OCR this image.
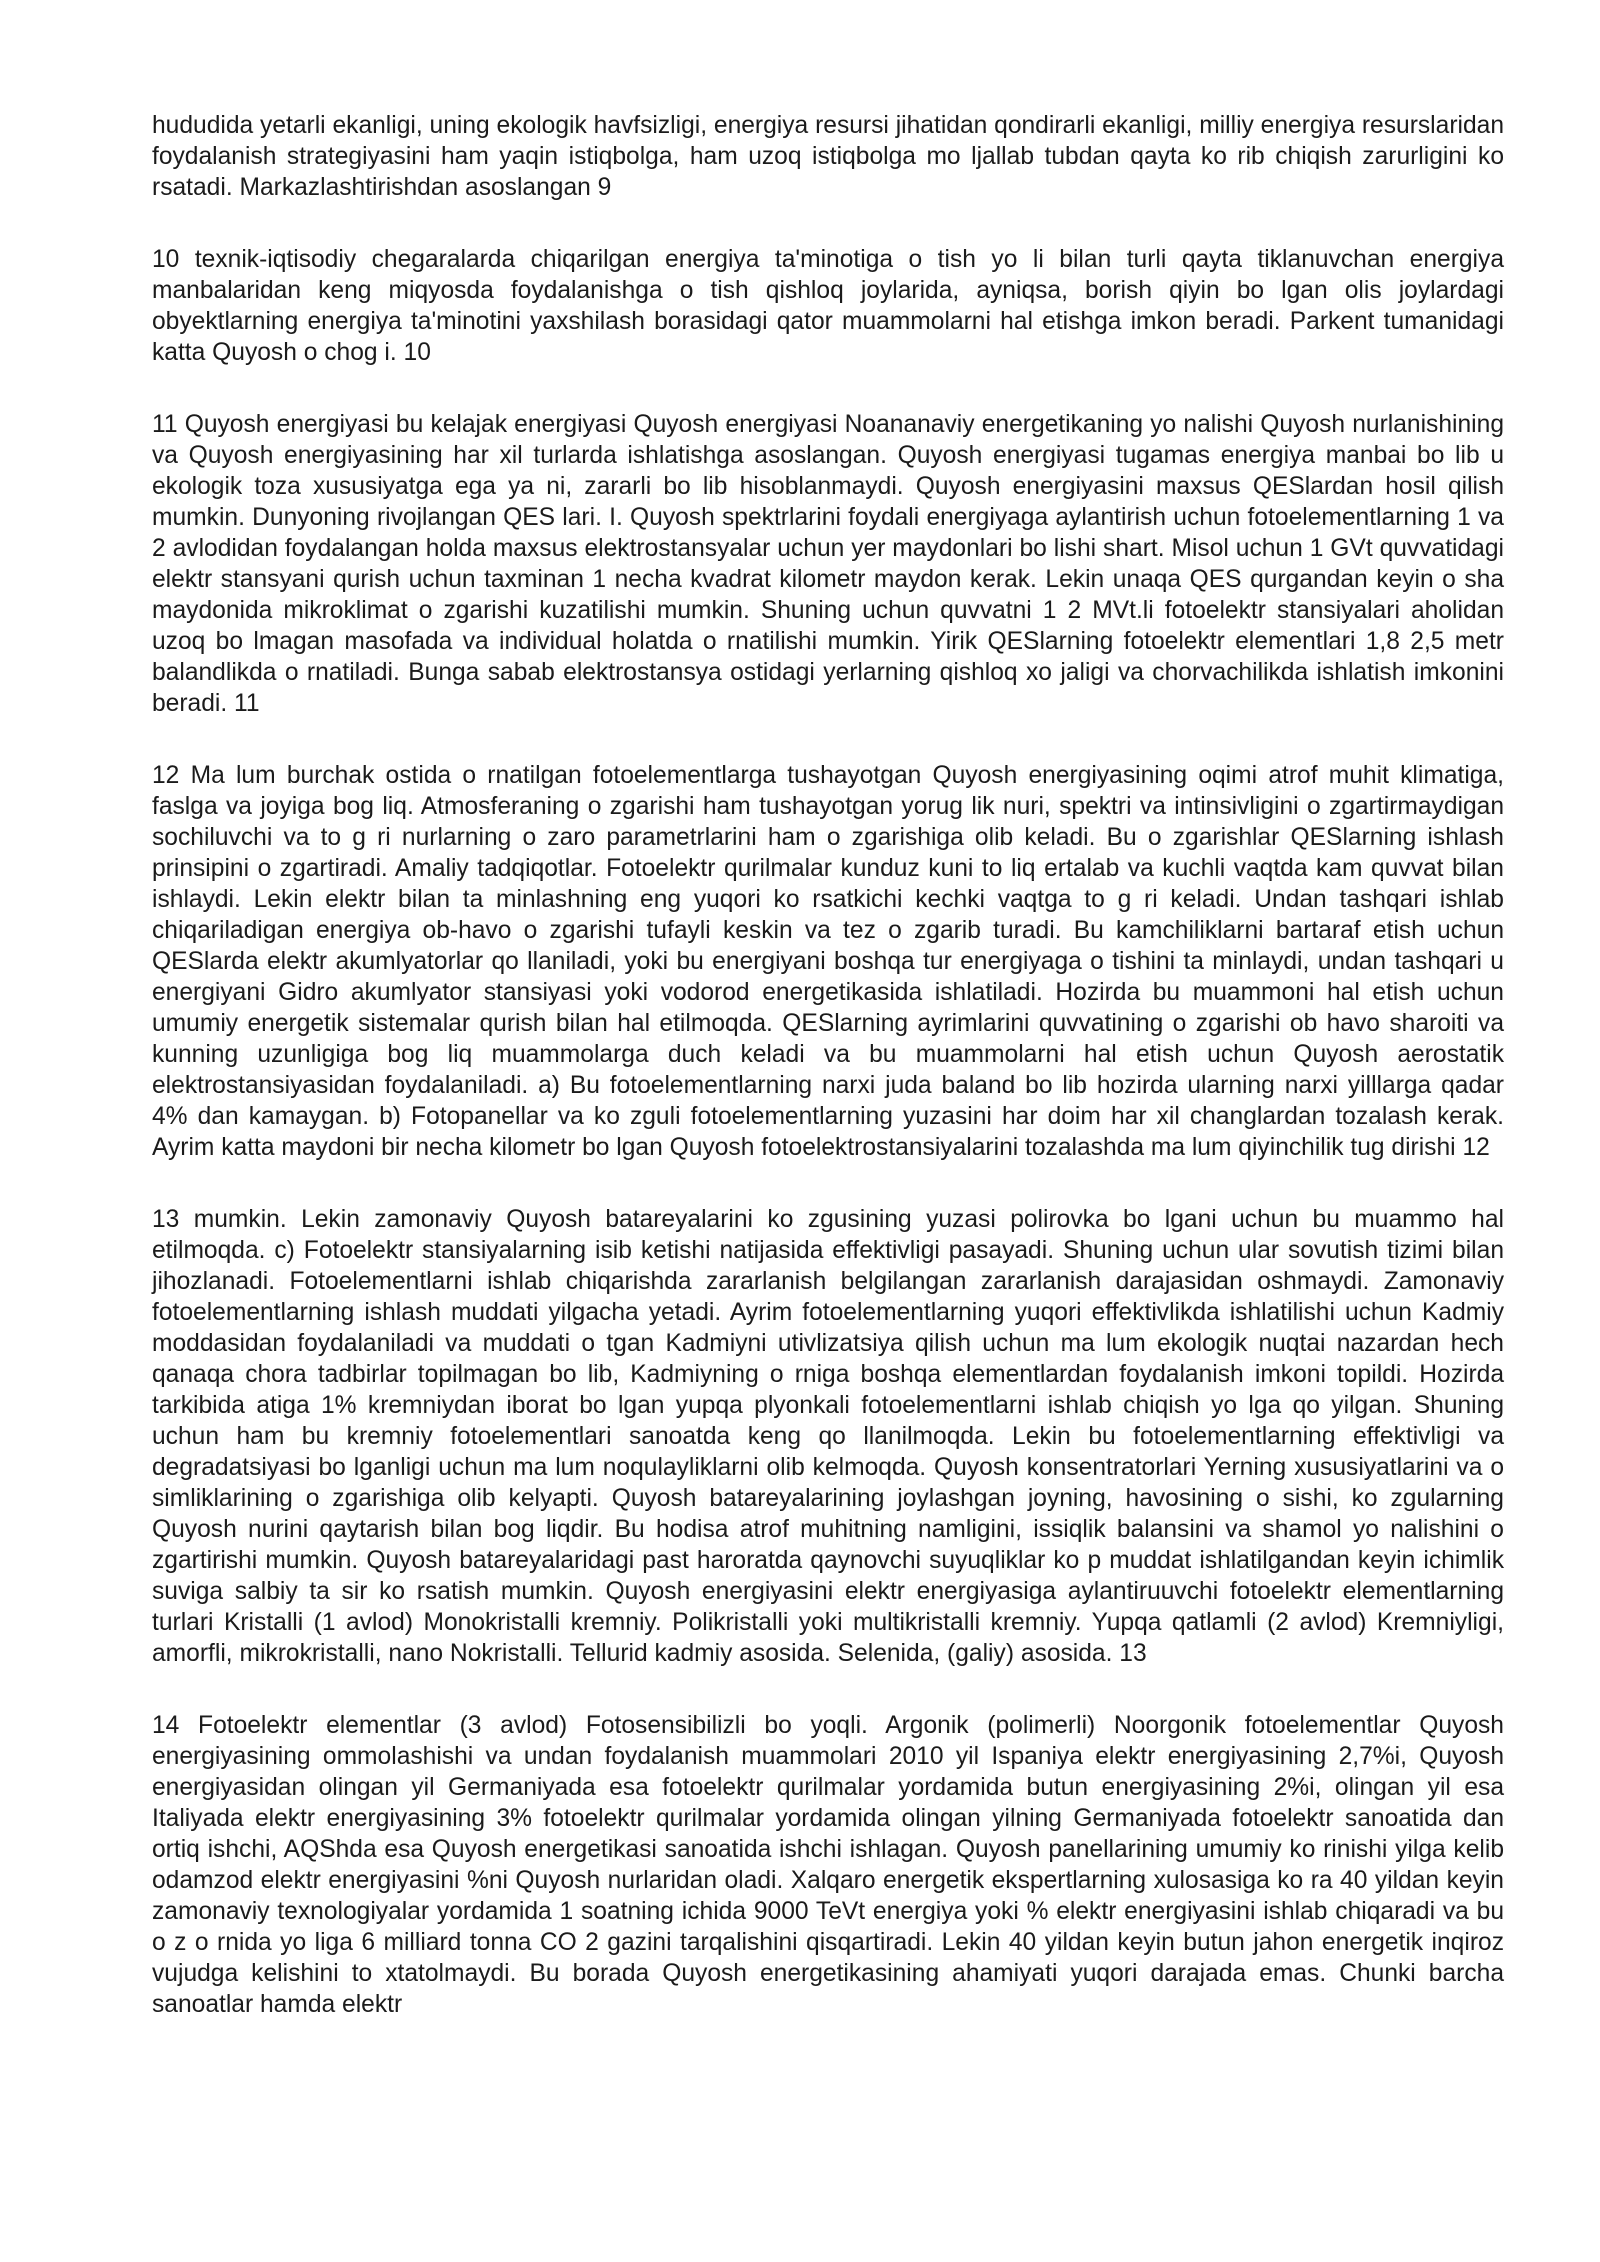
hududida yetarli ekanligi, uning ekologik havfsizligi, energiya resursi jihatidan qondirarli ekanligi, milliy energiya resurslaridan foydalanish strategiyasini ham yaqin istiqbolga, ham uzoq istiqbolga mo ljallab tubdan qayta ko rib chiqish zarurligini ko rsatadi. Markazlashtirishdan asoslangan 9

10 texnik-iqtisodiy chegaralarda chiqarilgan energiya ta'minotiga o tish yo li bilan turli qayta tiklanuvchan energiya manbalaridan keng miqyosda foydalanishga o tish qishloq joylarida, ayniqsa, borish qiyin bo lgan olis joylardagi obyektlarning energiya ta'minotini yaxshilash borasidagi qator muammolarni hal etishga imkon beradi. Parkent tumanidagi katta Quyosh o chog i. 10

11 Quyosh energiyasi bu kelajak energiyasi Quyosh energiyasi Noananaviy energetikaning yo nalishi Quyosh nurlanishining va Quyosh energiyasining har xil turlarda ishlatishga asoslangan. Quyosh energiyasi tugamas energiya manbai bo lib u ekologik toza xususiyatga ega ya ni, zararli bo lib hisoblanmaydi. Quyosh energiyasini maxsus QESlardan hosil qilish mumkin. Dunyoning rivojlangan QES lari. I. Quyosh spektrlarini foydali energiyaga aylantirish uchun fotoelementlarning 1 va 2 avlodidan foydalangan holda maxsus elektrostansyalar uchun yer maydonlari bo lishi shart. Misol uchun 1 GVt quvvatidagi elektr stansyani qurish uchun taxminan 1 necha kvadrat kilometr maydon kerak. Lekin unaqa QES qurgandan keyin o sha maydonida mikroklimat o zgarishi kuzatilishi mumkin. Shuning uchun quvvatni 1 2 MVt.li fotoelektr stansiyalari aholidan uzoq bo lmagan masofada va individual holatda o rnatilishi mumkin. Yirik QESlarning fotoelektr elementlari 1,8 2,5 metr balandlikda o rnatiladi. Bunga sabab elektrostansya ostidagi yerlarning qishloq xo jaligi va chorvachilikda ishlatish imkonini beradi. 11

12 Ma lum burchak ostida o rnatilgan fotoelementlarga tushayotgan Quyosh energiyasining oqimi atrof muhit klimatiga, faslga va joyiga bog liq. Atmosferaning o zgarishi ham tushayotgan yorug lik nuri, spektri va intinsivligini o zgartirmaydigan sochiluvchi va to g ri nurlarning o zaro parametrlarini ham o zgarishiga olib keladi. Bu o zgarishlar QESlarning ishlash prinsipini o zgartiradi. Amaliy tadqiqotlar. Fotoelektr qurilmalar kunduz kuni to liq ertalab va kuchli vaqtda kam quvvat bilan ishlaydi. Lekin elektr bilan ta minlashning eng yuqori ko rsatkichi kechki vaqtga to g ri keladi. Undan tashqari ishlab chiqariladigan energiya ob-havo o zgarishi tufayli keskin va tez o zgarib turadi. Bu kamchiliklarni bartaraf etish uchun QESlarda elektr akumlyatorlar qo llaniladi, yoki bu energiyani boshqa tur energiyaga o tishini ta minlaydi, undan tashqari u energiyani Gidro akumlyator stansiyasi yoki vodorod energetikasida ishlatiladi. Hozirda bu muammoni hal etish uchun umumiy energetik sistemalar qurish bilan hal etilmoqda. QESlarning ayrimlarini quvvatining o zgarishi ob havo sharoiti va kunning uzunligiga bog liq muammolarga duch keladi va bu muammolarni hal etish uchun Quyosh aerostatik elektrostansiyasidan foydalaniladi. a) Bu fotoelementlarning narxi juda baland bo lib hozirda ularning narxi yilllarga qadar 4% dan kamaygan. b) Fotopanellar va ko zguli fotoelementlarning yuzasini har doim har xil changlardan tozalash kerak. Ayrim katta maydoni bir necha kilometr bo lgan Quyosh fotoelektrostansiyalarini tozalashda ma lum qiyinchilik tug dirishi 12

13 mumkin. Lekin zamonaviy Quyosh batareyalarini ko zgusining yuzasi polirovka bo lgani uchun bu muammo hal etilmoqda. c) Fotoelektr stansiyalarning isib ketishi natijasida effektivligi pasayadi. Shuning uchun ular sovutish tizimi bilan jihozlanadi. Fotoelementlarni ishlab chiqarishda zararlanish belgilangan zararlanish darajasidan oshmaydi. Zamonaviy fotoelementlarning ishlash muddati yilgacha yetadi. Ayrim fotoelementlarning yuqori effektivlikda ishlatilishi uchun Kadmiy moddasidan foydalaniladi va muddati o tgan Kadmiyni utivlizatsiya qilish uchun ma lum ekologik nuqtai nazardan hech qanaqa chora tadbirlar topilmagan bo lib, Kadmiyning o rniga boshqa elementlardan foydalanish imkoni topildi. Hozirda tarkibida atiga 1% kremniydan iborat bo lgan yupqa plyonkali fotoelementlarni ishlab chiqish yo lga qo yilgan. Shuning uchun ham bu kremniy fotoelementlari sanoatda keng qo llanilmoqda. Lekin bu fotoelementlarning effektivligi va degradatsiyasi bo lganligi uchun ma lum noqulayliklarni olib kelmoqda. Quyosh konsentratorlari Yerning xususiyatlarini va o simliklarining o zgarishiga olib kelyapti. Quyosh batareyalarining joylashgan joyning, havosining o sishi, ko zgularning Quyosh nurini qaytarish bilan bog liqdir. Bu hodisa atrof muhitning namligini, issiqlik balansini va shamol yo nalishini o zgartirishi mumkin. Quyosh batareyalaridagi past haroratda qaynovchi suyuqliklar ko p muddat ishlatilgandan keyin ichimlik suviga salbiy ta sir ko rsatish mumkin. Quyosh energiyasini elektr energiyasiga aylantiruuvchi fotoelektr elementlarning turlari Kristalli (1 avlod) Monokristalli kremniy. Polikristalli yoki multikristalli kremniy. Yupqa qatlamli (2 avlod) Kremniyligi, amorfli, mikrokristalli, nano Nokristalli. Tellurid kadmiy asosida. Selenida, (galiy) asosida. 13

14 Fotoelektr elementlar (3 avlod) Fotosensibilizli bo yoqli. Argonik (polimerli) Noorgonik fotoelementlar Quyosh energiyasining ommolashishi va undan foydalanish muammolari 2010 yil Ispaniya elektr energiyasining 2,7%i, Quyosh energiyasidan olingan yil Germaniyada esa fotoelektr qurilmalar yordamida butun energiyasining 2%i, olingan yil esa Italiyada elektr energiyasining 3% fotoelektr qurilmalar yordamida olingan yilning Germaniyada fotoelektr sanoatida dan ortiq ishchi, AQShda esa Quyosh energetikasi sanoatida ishchi ishlagan. Quyosh panellarining umumiy ko rinishi yilga kelib odamzod elektr energiyasini %ni Quyosh nurlaridan oladi. Xalqaro energetik ekspertlarning xulosasiga ko ra 40 yildan keyin zamonaviy texnologiyalar yordamida 1 soatning ichida 9000 TeVt energiya yoki % elektr energiyasini ishlab chiqaradi va bu o z o rnida yo liga 6 milliard tonna CO 2 gazini tarqalishini qisqartiradi. Lekin 40 yildan keyin butun jahon energetik inqiroz vujudga kelishini to xtatolmaydi. Bu borada Quyosh energetikasining ahamiyati yuqori darajada emas. Chunki barcha sanoatlar hamda elektr
